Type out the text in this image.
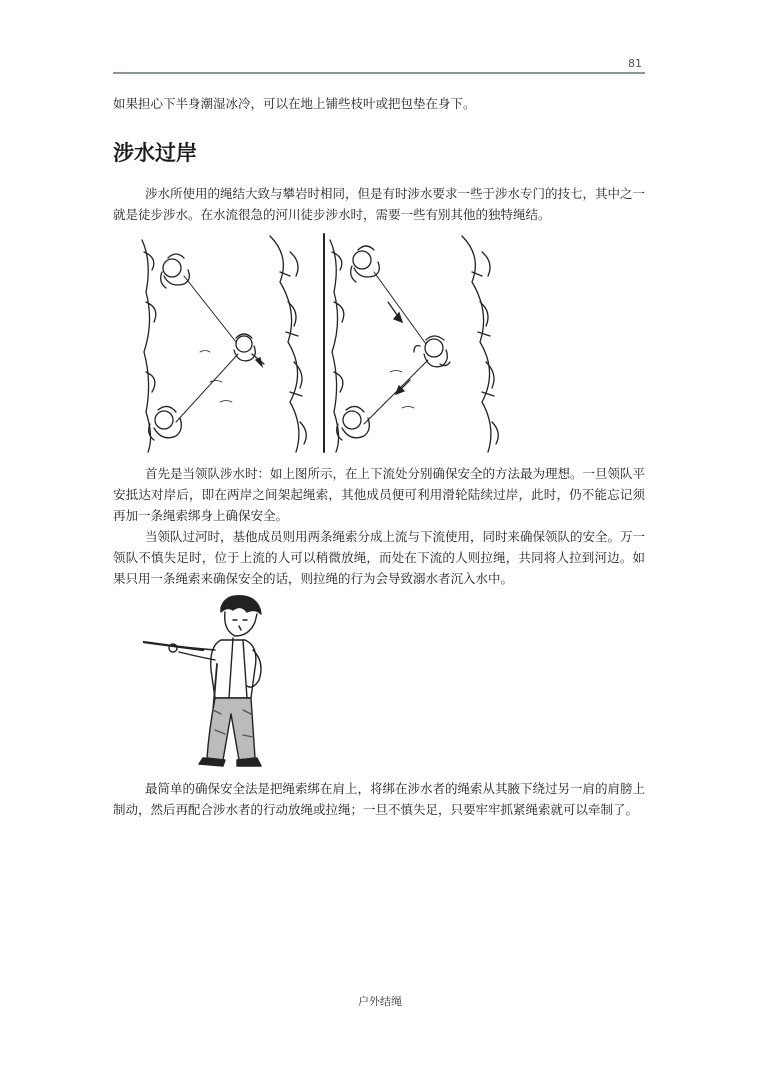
81

如果担心下半身潮湿冰冷，可以在地上铺些枝叶或把包垫在身下。

涉水过岸

涉水所使用的绳结大致与攀岩时相同，但是有时涉水要求一些于涉水专门的技七，其中之一就是徒步涉水。在水流很急的河川徒步涉水时，需要一些有别其他的独特绳结。

首先是当领队涉水时：如上图所示，在上下流处分别确保安全的方法最为理想。一旦领队平安抵达对岸后，即在两岸之间架起绳索，其他成员便可利用滑轮陆续过岸，此时，仍不能忘记须再加一条绳索绑身上确保安全。

当领队过河时，基他成员则用两条绳索分成上流与下流使用，同时来确保领队的安全。万一领队不慎失足时，位于上流的人可以稍微放绳，而处在下流的人则拉绳，共同将人拉到河边。如果只用一条绳索来确保安全的话，则拉绳的行为会导致溺水者沉入水中。

最简单的确保安全法是把绳索绑在肩上，将绑在涉水者的绳索从其腋下绕过另一肩的肩膀上制动，然后再配合涉水者的行动放绳或拉绳；一旦不慎失足，只要牢牢抓紧绳索就可以牵制了。

户外结绳
